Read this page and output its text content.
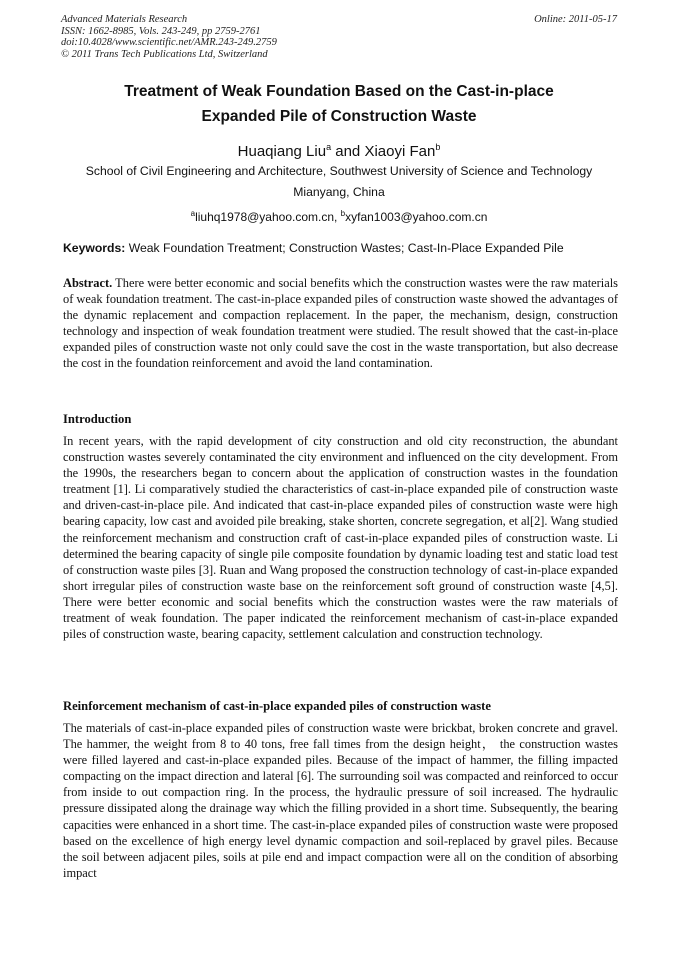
Advanced Materials Research
ISSN: 1662-8985, Vols. 243-249, pp 2759-2761
doi:10.4028/www.scientific.net/AMR.243-249.2759
© 2011 Trans Tech Publications Ltd, Switzerland
Online: 2011-05-17
Treatment of Weak Foundation Based on the Cast-in-place
Expanded Pile of Construction Waste
Huaqiang Liu$^a$ and Xiaoyi Fan$^b$
School of Civil Engineering and Architecture, Southwest University of Science and Technology
Mianyang, China
$^a$liuhq1978@yahoo.com.cn, $^b$xyfan1003@yahoo.com.cn
Keywords: Weak Foundation Treatment; Construction Wastes; Cast-In-Place Expanded Pile
Abstract. There were better economic and social benefits which the construction wastes were the raw materials of weak foundation treatment. The cast-in-place expanded piles of construction waste showed the advantages of the dynamic replacement and compaction replacement. In the paper, the mechanism, design, construction technology and inspection of weak foundation treatment were studied. The result showed that the cast-in-place expanded piles of construction waste not only could save the cost in the waste transportation, but also decrease the cost in the foundation reinforcement and avoid the land contamination.
Introduction
In recent years, with the rapid development of city construction and old city reconstruction, the abundant construction wastes severely contaminated the city environment and influenced on the city development. From the 1990s, the researchers began to concern about the application of construction wastes in the foundation treatment [1]. Li comparatively studied the characteristics of cast-in-place expanded pile of construction waste and driven-cast-in-place pile. And indicated that cast-in-place expanded piles of construction waste were high bearing capacity, low cast and avoided pile breaking, stake shorten, concrete segregation, et al[2]. Wang studied the reinforcement mechanism and construction craft of cast-in-place expanded piles of construction waste. Li determined the bearing capacity of single pile composite foundation by dynamic loading test and static load test of construction waste piles [3]. Ruan and Wang proposed the construction technology of cast-in-place expanded short irregular piles of construction waste base on the reinforcement soft ground of construction waste [4,5]. There were better economic and social benefits which the construction wastes were the raw materials of treatment of weak foundation. The paper indicated the reinforcement mechanism of cast-in-place expanded piles of construction waste, bearing capacity, settlement calculation and construction technology.
Reinforcement mechanism of cast-in-place expanded piles of construction waste
The materials of cast-in-place expanded piles of construction waste were brickbat, broken concrete and gravel. The hammer, the weight from 8 to 40 tons, free fall times from the design height， the construction wastes were filled layered and cast-in-place expanded piles. Because of the impact of hammer, the filling impacted compacting on the impact direction and lateral [6]. The surrounding soil was compacted and reinforced to occur from inside to out compaction ring. In the process, the hydraulic pressure of soil increased. The hydraulic pressure dissipated along the drainage way which the filling provided in a short time. Subsequently, the bearing capacities were enhanced in a short time. The cast-in-place expanded piles of construction waste were proposed based on the excellence of high energy level dynamic compaction and soil-replaced by gravel piles. Because the soil between adjacent piles, soils at pile end and impact compaction were all on the condition of absorbing impact
